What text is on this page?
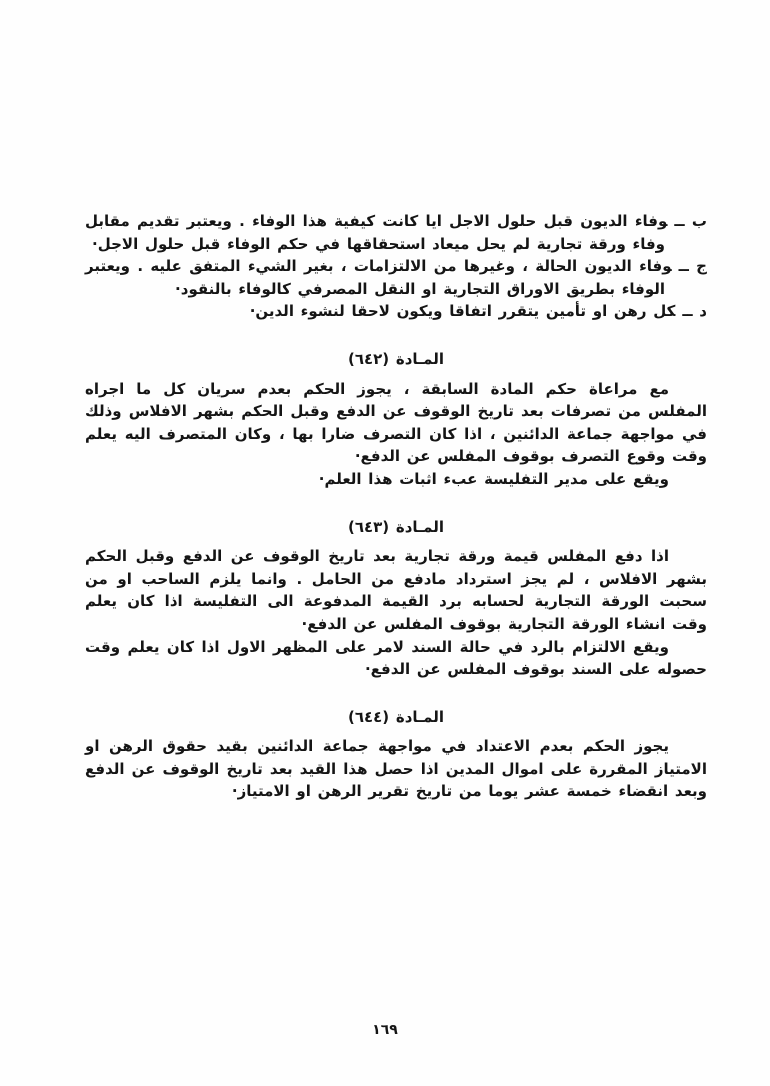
ب ــوفاء الديون قبل حلول الاجل ايا كانت كيفية هذا الوفاء . ويعتبر تقديم مقابل وفاء ورقة تجارية لم يحل ميعاد استحقاقها في حكم الوفاء قبل حلول الاجل·
ج ــوفاء الديون الحالة ، وغيرها من الالتزامات ، بغير الشيء المتفق عليه . ويعتبر الوفاء بطريق الاوراق التجارية او النقل المصرفي كالوفاء بالنقود·
د ــكل رهن او تأمين يتقرر اتفاقا ويكون لاحقا لنشوء الدين·
المـادة (٦٤٢)

مع مراعاة حكم المادة السابقة ، يجوز الحكم بعدم سريان كل ما اجراه المفلس من تصرفات بعد تاريخ الوقوف عن الدفع وقبل الحكم بشهر الافلاس وذلك في مواجهة جماعة الدائنين ، اذا كان التصرف ضارا بها ، وكان المتصرف اليه يعلم وقت وقوع التصرف بوقوف المفلس عن الدفع·

ويقع على مدير التفليسة عبء اثبات هذا العلم·

المـادة (٦٤٣)

اذا دفع المفلس قيمة ورقة تجارية بعد تاريخ الوقوف عن الدفع وقبل الحكم بشهر الافلاس ، لم يجز استرداد مادفع من الحامل . وانما يلزم الساحب او من سحبت الورقة التجارية لحسابه برد القيمة المدفوعة الى التفليسة اذا كان يعلم وقت انشاء الورقة التجارية بوقوف المفلس عن الدفع·

ويقع الالتزام بالرد في حالة السند لامر على المظهر الاول اذا كان يعلم وقت حصوله على السند بوقوف المفلس عن الدفع·

المـادة (٦٤٤)

يجوز الحكم بعدم الاعتداد في مواجهة جماعة الدائنين بقيد حقوق الرهن او الامتياز المقررة على اموال المدين اذا حصل هذا القيد بعد تاريخ الوقوف عن الدفع وبعد انقضاء خمسة عشر يوما من تاريخ تقرير الرهن او الامتياز·

١٦٩
